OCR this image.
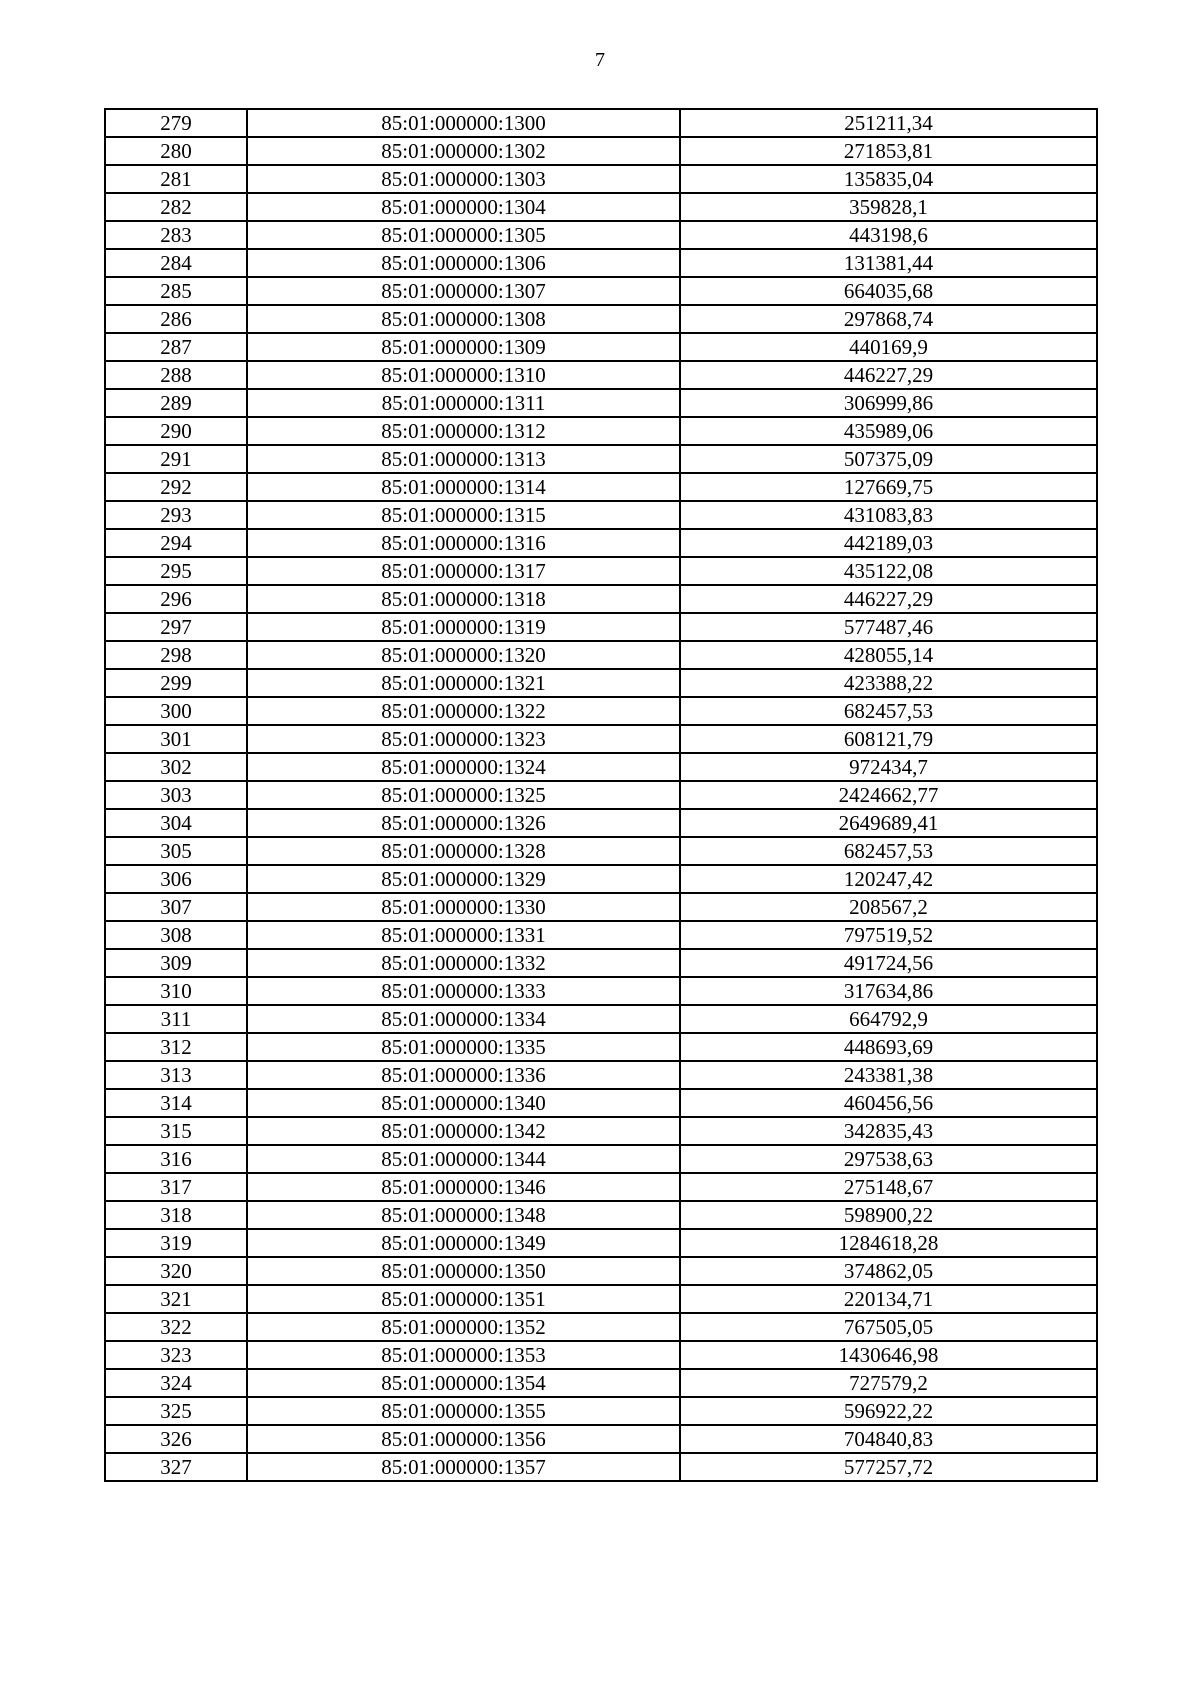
7
279	85:01:000000:1300	251211,34
280	85:01:000000:1302	271853,81
281	85:01:000000:1303	135835,04
282	85:01:000000:1304	359828,1
283	85:01:000000:1305	443198,6
284	85:01:000000:1306	131381,44
285	85:01:000000:1307	664035,68
286	85:01:000000:1308	297868,74
287	85:01:000000:1309	440169,9
288	85:01:000000:1310	446227,29
289	85:01:000000:1311	306999,86
290	85:01:000000:1312	435989,06
291	85:01:000000:1313	507375,09
292	85:01:000000:1314	127669,75
293	85:01:000000:1315	431083,83
294	85:01:000000:1316	442189,03
295	85:01:000000:1317	435122,08
296	85:01:000000:1318	446227,29
297	85:01:000000:1319	577487,46
298	85:01:000000:1320	428055,14
299	85:01:000000:1321	423388,22
300	85:01:000000:1322	682457,53
301	85:01:000000:1323	608121,79
302	85:01:000000:1324	972434,7
303	85:01:000000:1325	2424662,77
304	85:01:000000:1326	2649689,41
305	85:01:000000:1328	682457,53
306	85:01:000000:1329	120247,42
307	85:01:000000:1330	208567,2
308	85:01:000000:1331	797519,52
309	85:01:000000:1332	491724,56
310	85:01:000000:1333	317634,86
311	85:01:000000:1334	664792,9
312	85:01:000000:1335	448693,69
313	85:01:000000:1336	243381,38
314	85:01:000000:1340	460456,56
315	85:01:000000:1342	342835,43
316	85:01:000000:1344	297538,63
317	85:01:000000:1346	275148,67
318	85:01:000000:1348	598900,22
319	85:01:000000:1349	1284618,28
320	85:01:000000:1350	374862,05
321	85:01:000000:1351	220134,71
322	85:01:000000:1352	767505,05
323	85:01:000000:1353	1430646,98
324	85:01:000000:1354	727579,2
325	85:01:000000:1355	596922,22
326	85:01:000000:1356	704840,83
327	85:01:000000:1357	577257,72
